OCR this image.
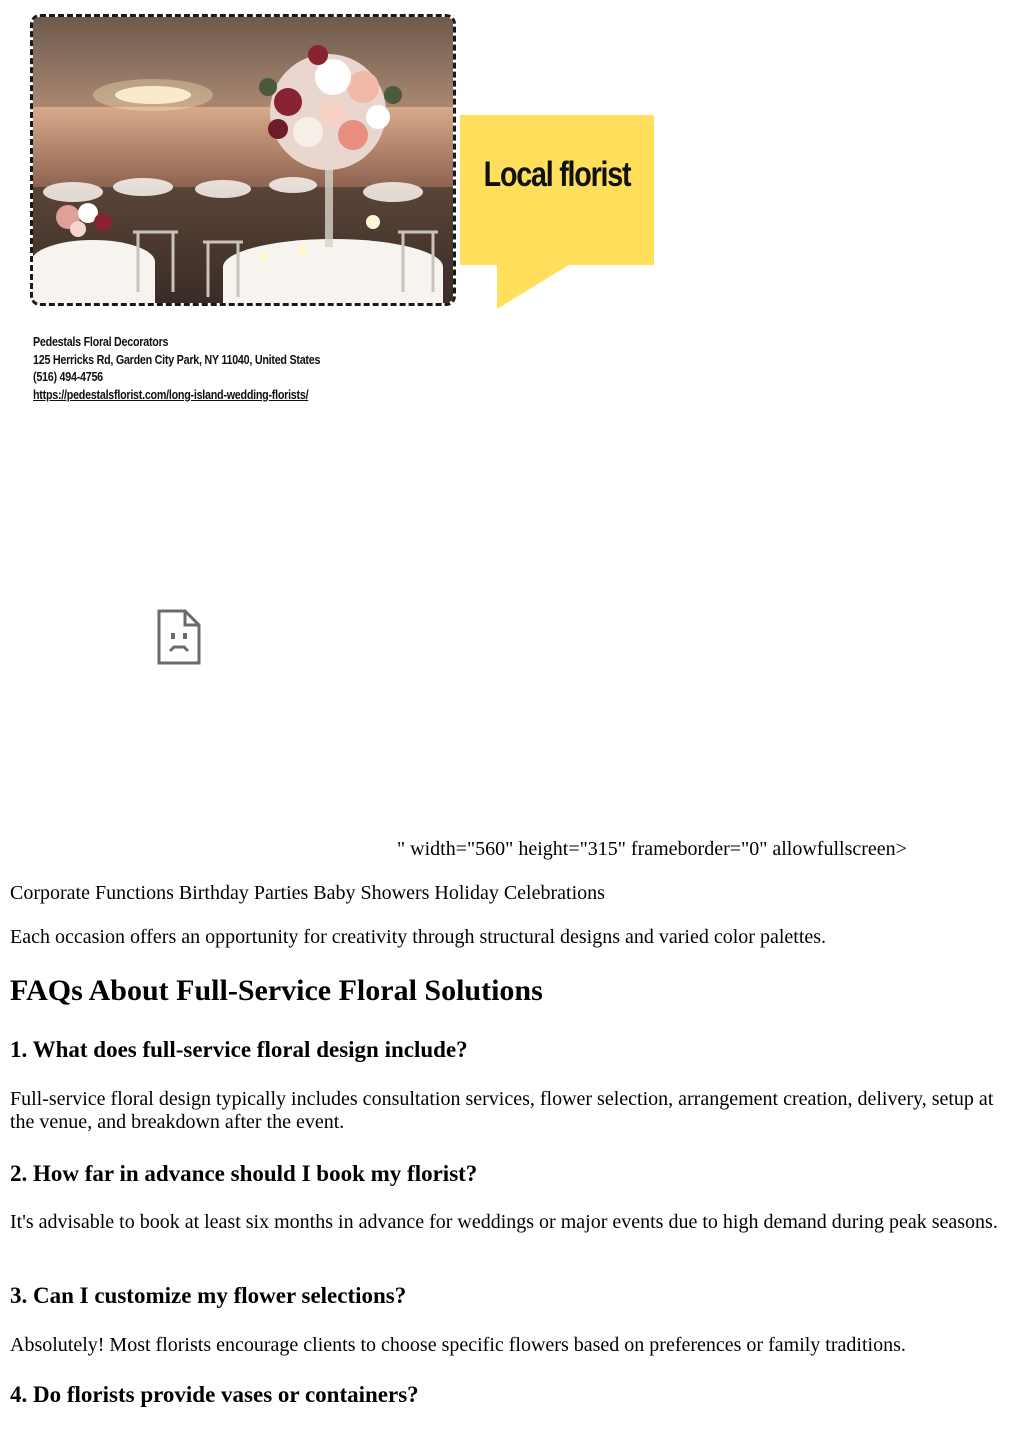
Local florist
Pedestals Floral Decorators
125 Herricks Rd, Garden City Park, NY 11040, United States
(516) 494-4756
https://pedestalsflorist.com/long-island-wedding-florists/
" width="560" height="315" frameborder="0" allowfullscreen>

Corporate Functions Birthday Parties Baby Showers Holiday Celebrations

Each occasion offers an opportunity for creativity through structural designs and varied color palettes.

FAQs About Full-Service Floral Solutions
1. What does full-service floral design include?

Full-service floral design typically includes consultation services, flower selection, arrangement creation, delivery, setup at the venue, and breakdown after the event.

2. How far in advance should I book my florist?

It's advisable to book at least six months in advance for weddings or major events due to high demand during peak seasons.

3. Can I customize my flower selections?

Absolutely! Most florists encourage clients to choose specific flowers based on preferences or family traditions.

4. Do florists provide vases or containers?
